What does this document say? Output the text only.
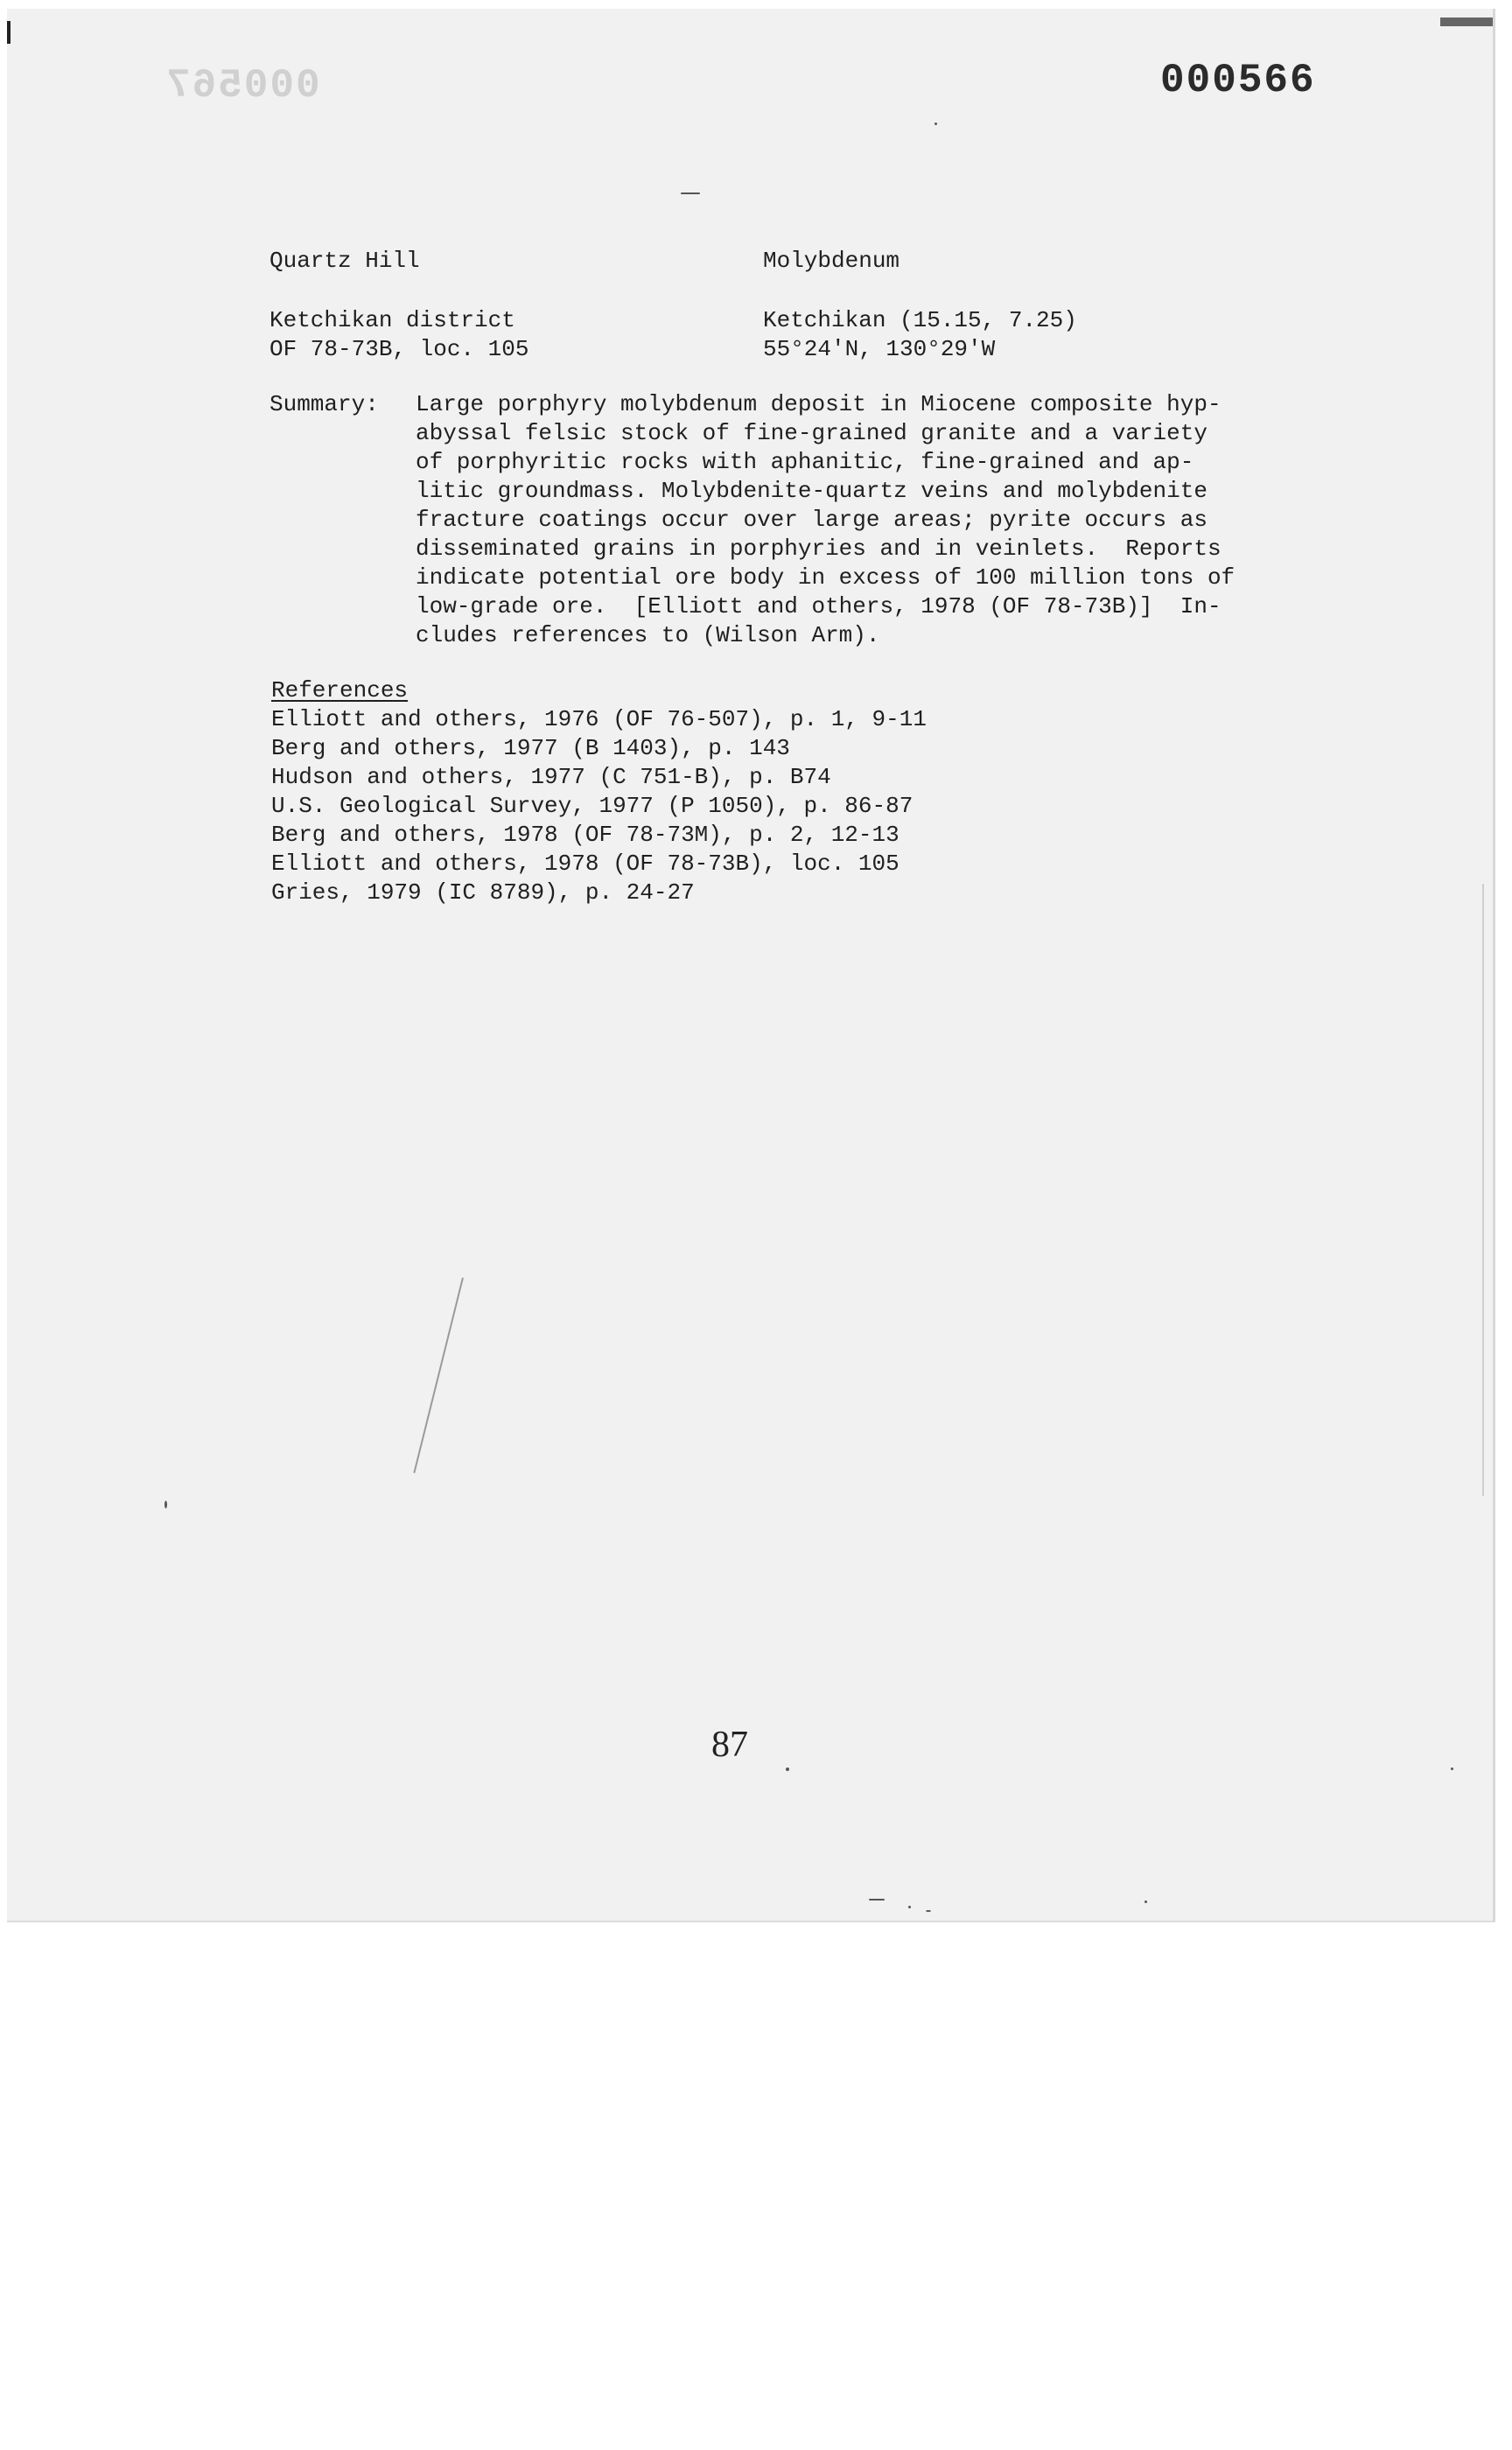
000567	000566
Quartz Hill	Molybdenum
Ketchikan district	Ketchikan (15.15, 7.25)
OF 78-73B, loc. 105	55°24'N, 130°29'W
Summary: Large porphyry molybdenum deposit in Miocene composite hyp-
abyssal felsic stock of fine-grained granite and a variety
of porphyritic rocks with aphanitic, fine-grained and ap-
litic groundmass. Molybdenite-quartz veins and molybdenite
fracture coatings occur over large areas; pyrite occurs as
disseminated grains in porphyries and in veinlets.  Reports
indicate potential ore body in excess of 100 million tons of
low-grade ore.  [Elliott and others, 1978 (OF 78-73B)]  In-
cludes references to (Wilson Arm).
References
Elliott and others, 1976 (OF 76-507), p. 1, 9-11
Berg and others, 1977 (B 1403), p. 143
Hudson and others, 1977 (C 751-B), p. B74
U.S. Geological Survey, 1977 (P 1050), p. 86-87
Berg and others, 1978 (OF 78-73M), p. 2, 12-13
Elliott and others, 1978 (OF 78-73B), loc. 105
Gries, 1979 (IC 8789), p. 24-27
87
